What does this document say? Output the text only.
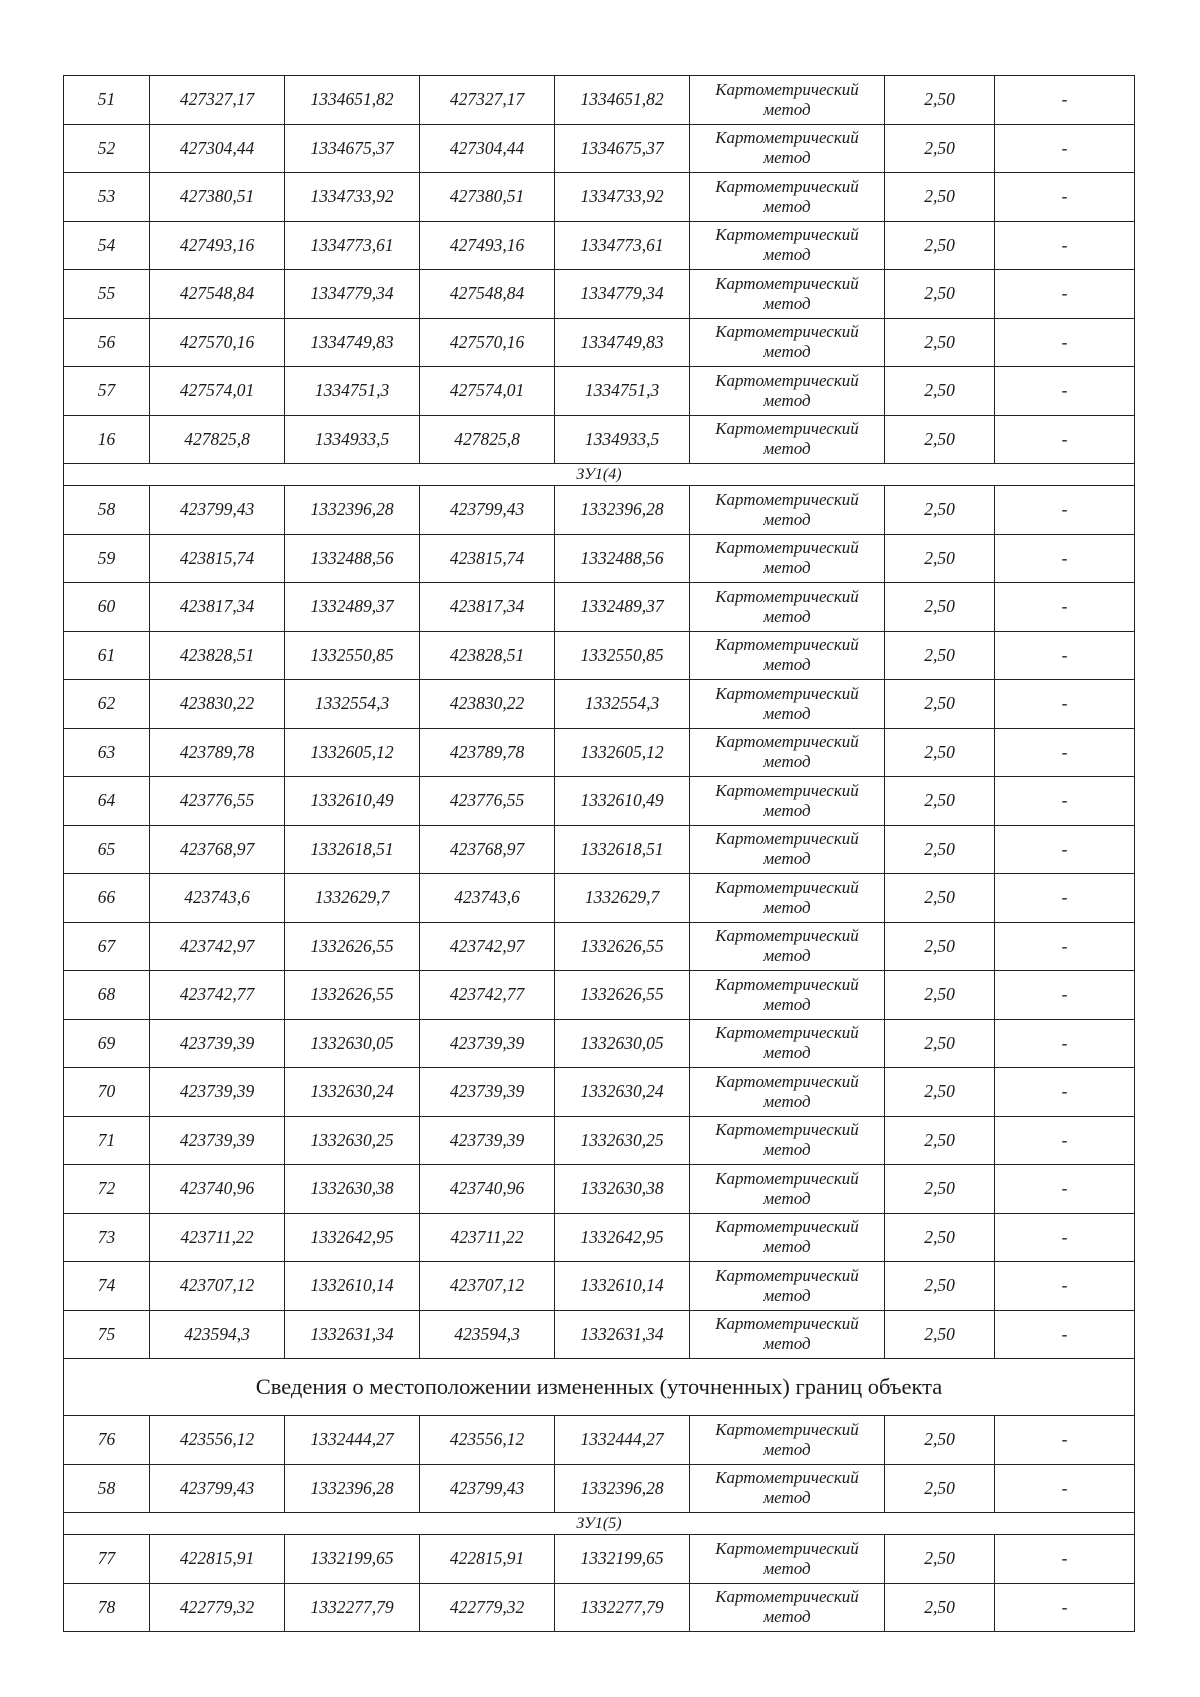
51	427327,17	1334651,82	427327,17	1334651,82	Картометрический
метод	2,50	-
52	427304,44	1334675,37	427304,44	1334675,37	Картометрический
метод	2,50	-
53	427380,51	1334733,92	427380,51	1334733,92	Картометрический
метод	2,50	-
54	427493,16	1334773,61	427493,16	1334773,61	Картометрический
метод	2,50	-
55	427548,84	1334779,34	427548,84	1334779,34	Картометрический
метод	2,50	-
56	427570,16	1334749,83	427570,16	1334749,83	Картометрический
метод	2,50	-
57	427574,01	1334751,3	427574,01	1334751,3	Картометрический
метод	2,50	-
16	427825,8	1334933,5	427825,8	1334933,5	Картометрический
метод	2,50	-
ЗУ1(4)							
58	423799,43	1332396,28	423799,43	1332396,28	Картометрический
метод	2,50	-
59	423815,74	1332488,56	423815,74	1332488,56	Картометрический
метод	2,50	-
60	423817,34	1332489,37	423817,34	1332489,37	Картометрический
метод	2,50	-
61	423828,51	1332550,85	423828,51	1332550,85	Картометрический
метод	2,50	-
62	423830,22	1332554,3	423830,22	1332554,3	Картометрический
метод	2,50	-
63	423789,78	1332605,12	423789,78	1332605,12	Картометрический
метод	2,50	-
64	423776,55	1332610,49	423776,55	1332610,49	Картометрический
метод	2,50	-
65	423768,97	1332618,51	423768,97	1332618,51	Картометрический
метод	2,50	-
66	423743,6	1332629,7	423743,6	1332629,7	Картометрический
метод	2,50	-
67	423742,97	1332626,55	423742,97	1332626,55	Картометрический
метод	2,50	-
68	423742,77	1332626,55	423742,77	1332626,55	Картометрический
метод	2,50	-
69	423739,39	1332630,05	423739,39	1332630,05	Картометрический
метод	2,50	-
70	423739,39	1332630,24	423739,39	1332630,24	Картометрический
метод	2,50	-
71	423739,39	1332630,25	423739,39	1332630,25	Картометрический
метод	2,50	-
72	423740,96	1332630,38	423740,96	1332630,38	Картометрический
метод	2,50	-
73	423711,22	1332642,95	423711,22	1332642,95	Картометрический
метод	2,50	-
74	423707,12	1332610,14	423707,12	1332610,14	Картометрический
метод	2,50	-
75	423594,3	1332631,34	423594,3	1332631,34	Картометрический
метод	2,50	-
Сведения о местоположении измененных (уточненных) границ объекта							
76	423556,12	1332444,27	423556,12	1332444,27	Картометрический
метод	2,50	-
58	423799,43	1332396,28	423799,43	1332396,28	Картометрический
метод	2,50	-
ЗУ1(5)							
77	422815,91	1332199,65	422815,91	1332199,65	Картометрический
метод	2,50	-
78	422779,32	1332277,79	422779,32	1332277,79	Картометрический
метод	2,50	-
